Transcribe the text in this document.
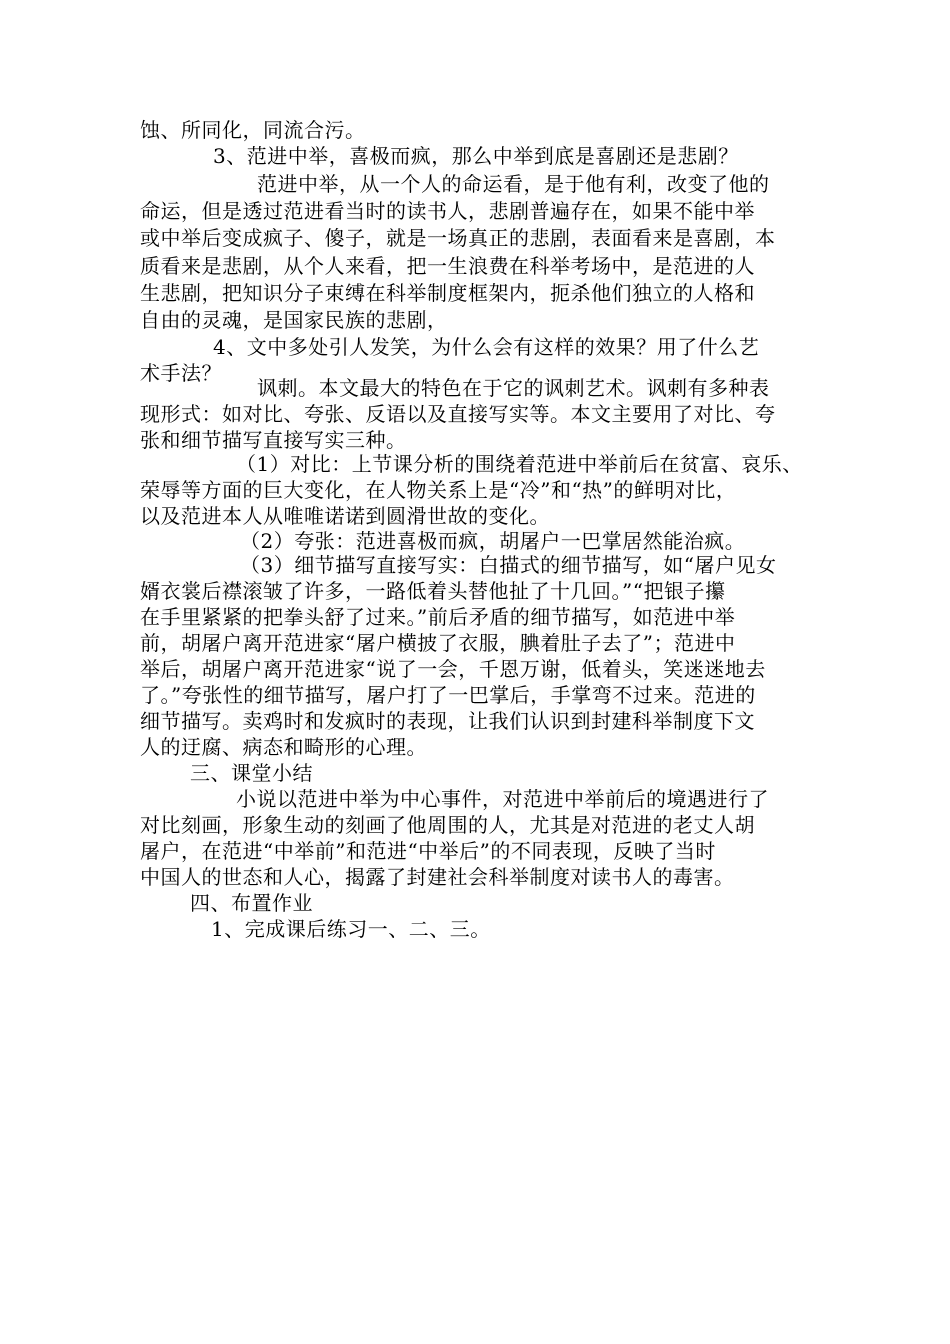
蚀、所同化，同流合污。
3、范进中举，喜极而疯，那么中举到底是喜剧还是悲剧？
范进中举，从一个人的命运看，是于他有利，改变了他的
命运，但是透过范进看当时的读书人，悲剧普遍存在，如果不能中举
或中举后变成疯子、傻子，就是一场真正的悲剧，表面看来是喜剧，本
质看来是悲剧，从个人来看，把一生浪费在科举考场中，是范进的人
生悲剧，把知识分子束缚在科举制度框架内，扼杀他们独立的人格和
自由的灵魂，是国家民族的悲剧，
4、文中多处引人发笑，为什么会有这样的效果？用了什么艺
术手法？
讽刺。本文最大的特色在于它的讽刺艺术。讽刺有多种表
现形式：如对比、夸张、反语以及直接写实等。本文主要用了对比、夸
张和细节描写直接写实三种。
（1）对比：上节课分析的围绕着范进中举前后在贫富、哀乐、
荣辱等方面的巨大变化，在人物关系上是“冷”和“热”的鲜明对比，
以及范进本人从唯唯诺诺到圆滑世故的变化。
（2）夸张：范进喜极而疯，胡屠户一巴掌居然能治疯。
（3）细节描写直接写实：白描式的细节描写，如“屠户见女
婿衣裳后襟滚皱了许多，一路低着头替他扯了十几回。”“把银子攥
在手里紧紧的把拳头舒了过来。”前后矛盾的细节描写，如范进中举
前，胡屠户离开范进家“屠户横披了衣服，腆着肚子去了”；范进中
举后，胡屠户离开范进家“说了一会，千恩万谢，低着头，笑迷迷地去
了。”夸张性的细节描写，屠户打了一巴掌后，手掌弯不过来。范进的
细节描写。卖鸡时和发疯时的表现，让我们认识到封建科举制度下文
人的迂腐、病态和畸形的心理。
三、课堂小结
小说以范进中举为中心事件，对范进中举前后的境遇进行了
对比刻画，形象生动的刻画了他周围的人，尤其是对范进的老丈人胡
屠户，在范进“中举前”和范进“中举后”的不同表现，反映了当时
中国人的世态和人心，揭露了封建社会科举制度对读书人的毒害。
四、布置作业
1、完成课后练习一、二、三。
